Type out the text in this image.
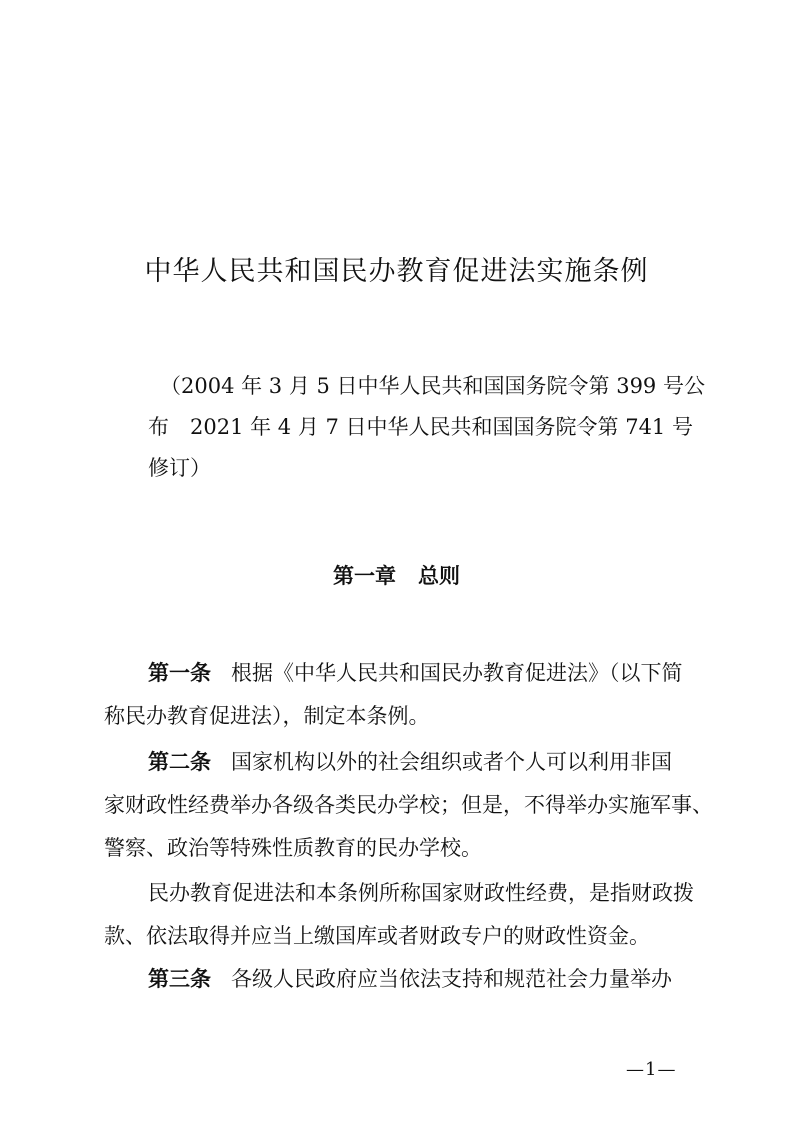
中华人民共和国民办教育促进法实施条例
（2004 年 3 月 5 日中华人民共和国国务院令第 399 号公
布　2021 年 4 月 7 日中华人民共和国国务院令第 741 号
修订）
第一章 总则
第一条 根据《中华人民共和国民办教育促进法》（以下简
称民办教育促进法），制定本条例。
第二条 国家机构以外的社会组织或者个人可以利用非国
家财政性经费举办各级各类民办学校；但是，不得举办实施军事、
警察、政治等特殊性质教育的民办学校。
民办教育促进法和本条例所称国家财政性经费，是指财政拨
款、依法取得并应当上缴国库或者财政专户的财政性资金。
第三条 各级人民政府应当依法支持和规范社会力量举办
—1—
